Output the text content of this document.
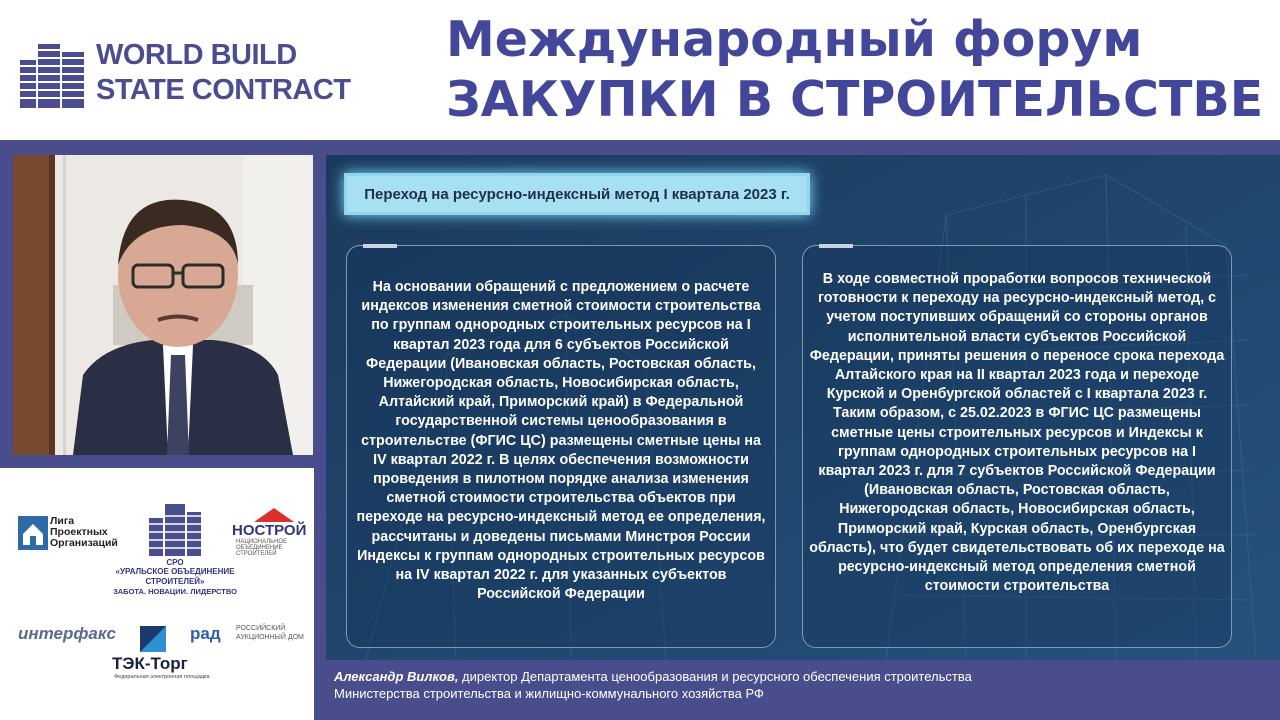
WORLD BUILD
STATE CONTRACT
Международный форум
ЗАКУПКИ В СТРОИТЕЛЬСТВЕ
Лига
Проектных
Организаций
СРО
«УРАЛЬСКОЕ ОБЪЕДИНЕНИЕ СТРОИТЕЛЕЙ»
ЗАБОТА. НОВАЦИИ. ЛИДЕРСТВО
НОСТРОЙ
НАЦИОНАЛЬНОЕ
ОБЪЕДИНЕНИЕ СТРОИТЕЛЕЙ
интерфакс	рад РОССИЙСКИЙ
АУКЦИОННЫЙ ДОМ
ТЭК-Торг
Федеральная электронная площадка
Переход на ресурсно-индексный метод I квартала 2023 г.
На основании обращений с предложением о расчете индексов изменения сметной стоимости строительства по группам однородных строительных ресурсов на I квартал 2023 года для 6 субъектов Российской Федерации (Ивановская область, Ростовская область, Нижегородская область, Новосибирская область, Алтайский край, Приморский край) в Федеральной государственной системы ценообразования в строительстве (ФГИС ЦС) размещены сметные цены на IV квартал 2022 г. В целях обеспечения возможности проведения в пилотном порядке анализа изменения сметной стоимости строительства объектов при переходе на ресурсно-индексный метод ее определения, рассчитаны и доведены письмами Минстроя России Индексы к группам однородных строительных ресурсов на IV квартал 2022 г. для указанных субъектов Российской Федерации
В ходе совместной проработки вопросов технической готовности к переходу на ресурсно-индексный метод, с учетом поступивших обращений со стороны органов исполнительной власти субъектов Российской Федерации, приняты решения о переносе срока перехода Алтайского края на II квартал 2023 года и переходе Курской и Оренбургской областей с I квартала 2023 г. Таким образом, с 25.02.2023 в ФГИС ЦС размещены сметные цены строительных ресурсов и Индексы к группам однородных строительных ресурсов на I квартал 2023 г. для 7 субъектов Российской Федерации (Ивановская область, Ростовская область, Нижегородская область, Новосибирская область, Приморский край, Курская область, Оренбургская область), что будет свидетельствовать об их переходе на ресурсно-индексный метод определения сметной стоимости строительства
Александр Вилков, директор Департамента ценообразования и ресурсного обеспечения строительства
Министерства строительства и жилищно-коммунального хозяйства РФ
